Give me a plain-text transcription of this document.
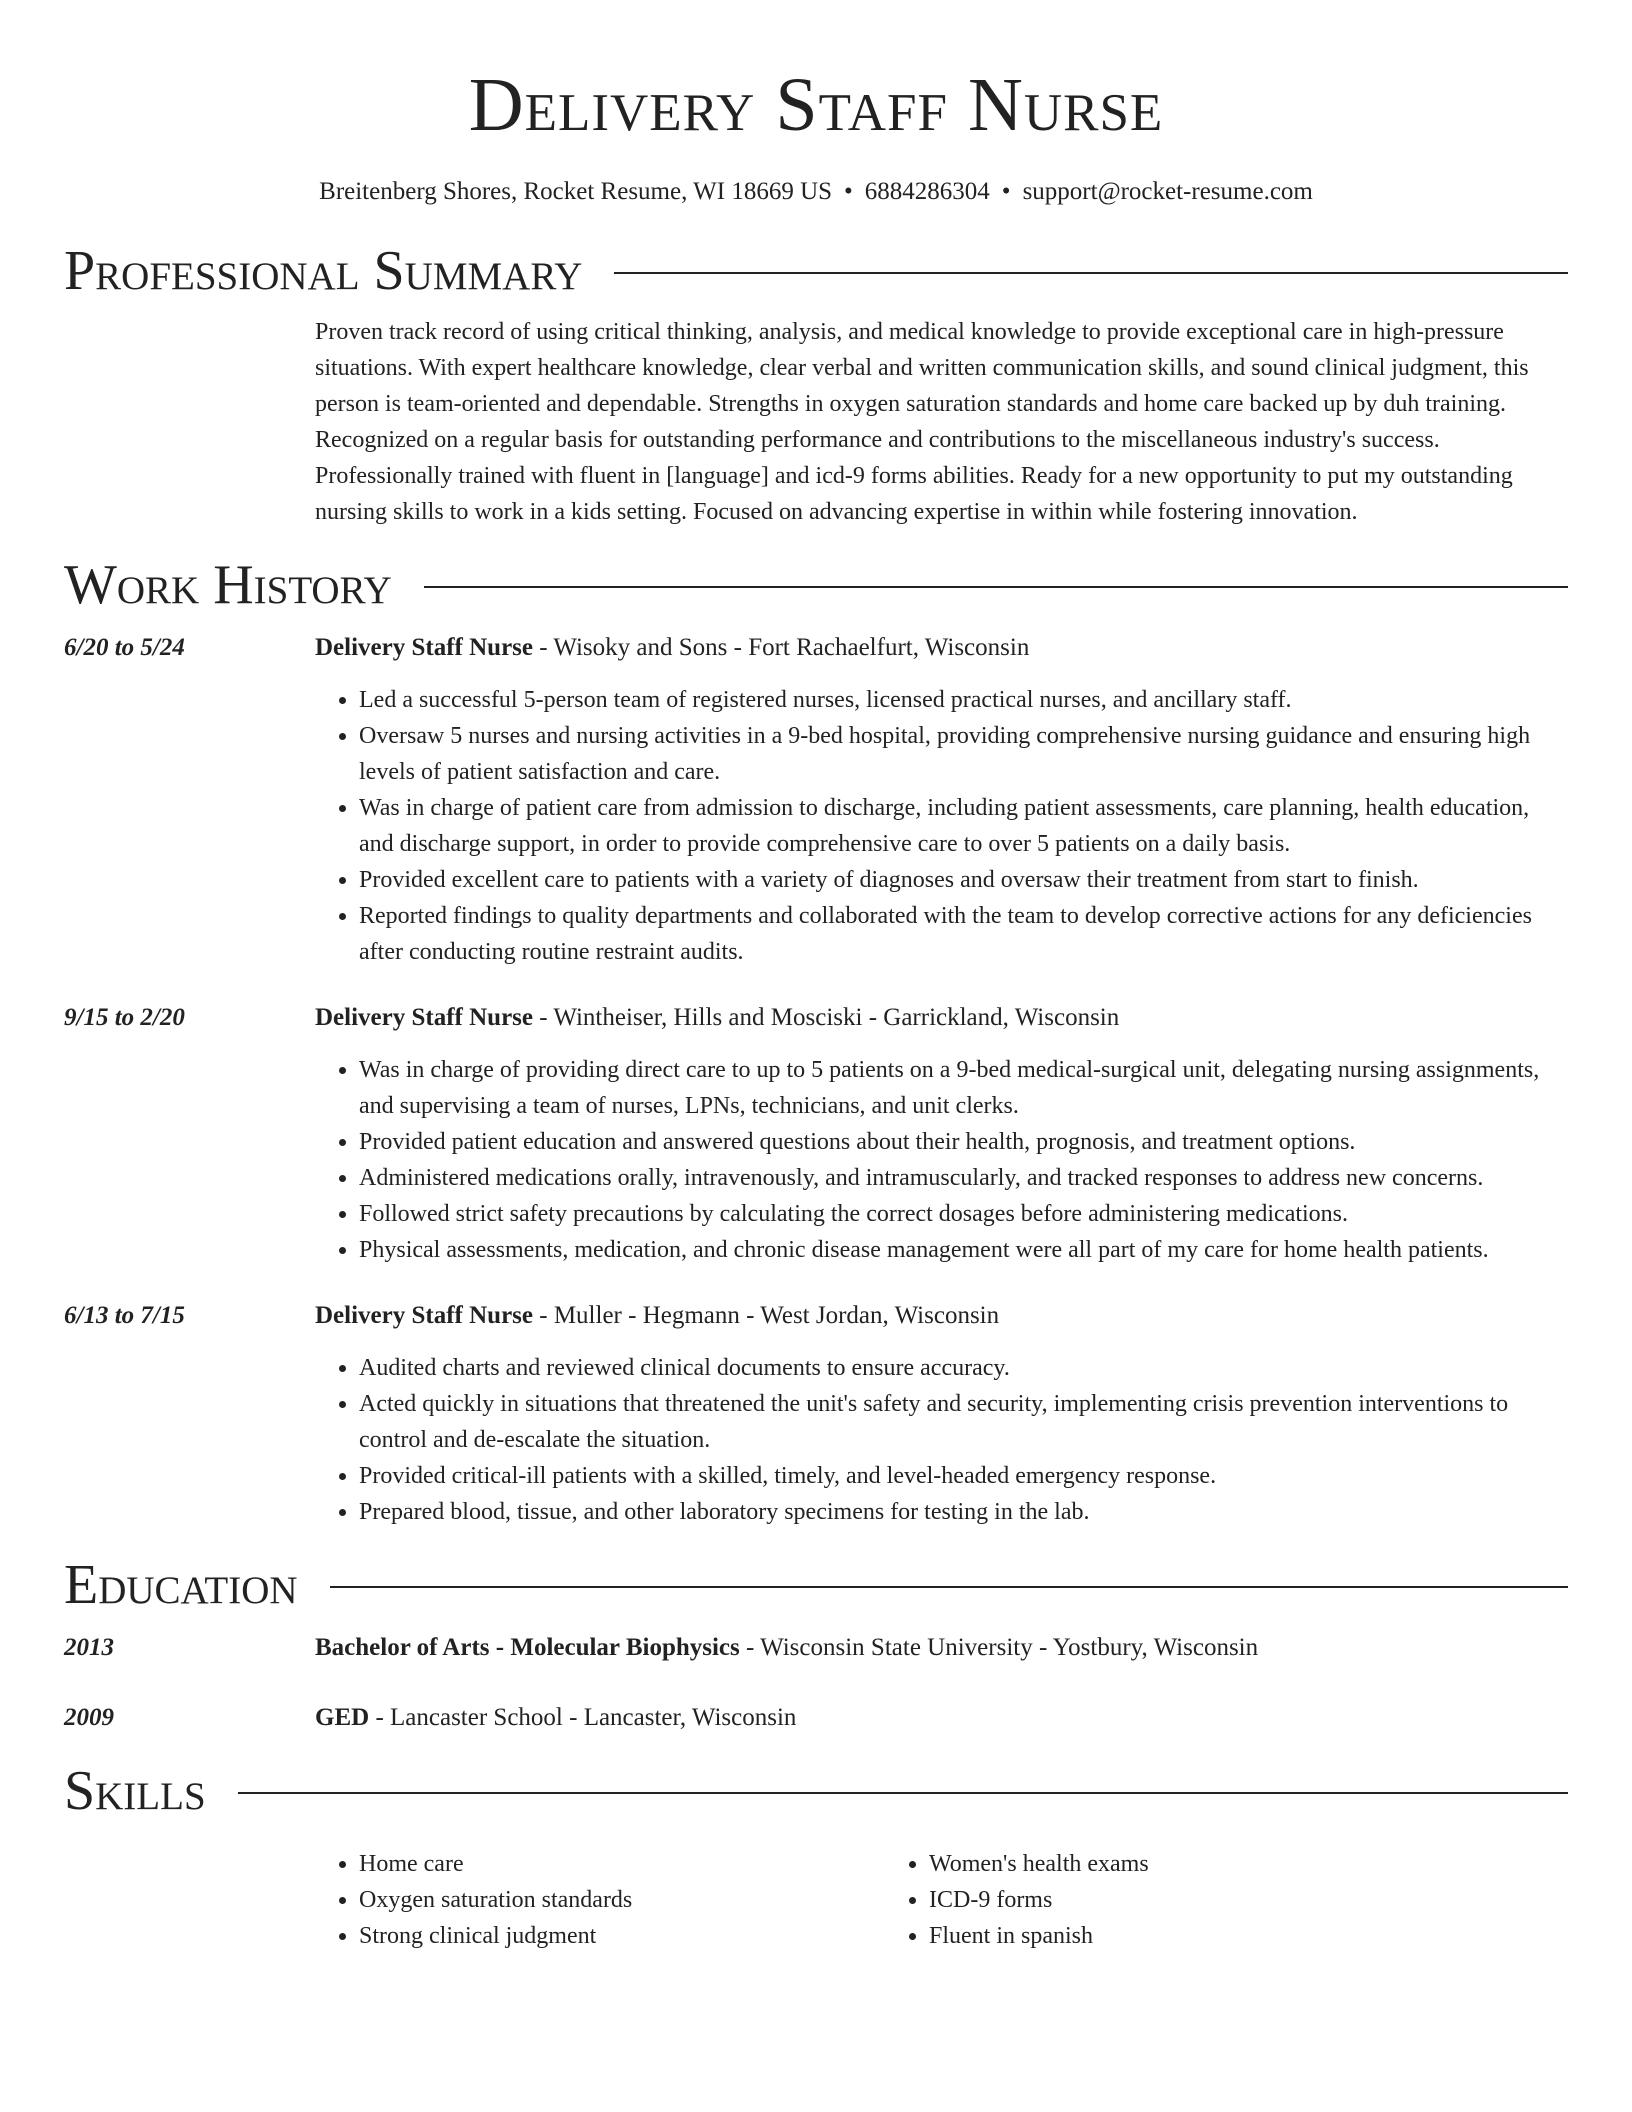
Delivery Staff Nurse
Breitenberg Shores, Rocket Resume, WI 18669 US • 6884286304 • support@rocket-resume.com
Professional Summary
Proven track record of using critical thinking, analysis, and medical knowledge to provide exceptional care in high-pressure situations. With expert healthcare knowledge, clear verbal and written communication skills, and sound clinical judgment, this person is team-oriented and dependable. Strengths in oxygen saturation standards and home care backed up by duh training. Recognized on a regular basis for outstanding performance and contributions to the miscellaneous industry's success. Professionally trained with fluent in [language] and icd-9 forms abilities. Ready for a new opportunity to put my outstanding nursing skills to work in a kids setting. Focused on advancing expertise in within while fostering innovation.
Work History
6/20 to 5/24	Delivery Staff Nurse - Wisoky and Sons - Fort Rachaelfurt, Wisconsin
• Led a successful 5-person team of registered nurses, licensed practical nurses, and ancillary staff.
• Oversaw 5 nurses and nursing activities in a 9-bed hospital, providing comprehensive nursing guidance and ensuring high levels of patient satisfaction and care.
• Was in charge of patient care from admission to discharge, including patient assessments, care planning, health education, and discharge support, in order to provide comprehensive care to over 5 patients on a daily basis.
• Provided excellent care to patients with a variety of diagnoses and oversaw their treatment from start to finish.
• Reported findings to quality departments and collaborated with the team to develop corrective actions for any deficiencies after conducting routine restraint audits.
9/15 to 2/20	Delivery Staff Nurse - Wintheiser, Hills and Mosciski - Garrickland, Wisconsin
• Was in charge of providing direct care to up to 5 patients on a 9-bed medical-surgical unit, delegating nursing assignments, and supervising a team of nurses, LPNs, technicians, and unit clerks.
• Provided patient education and answered questions about their health, prognosis, and treatment options.
• Administered medications orally, intravenously, and intramuscularly, and tracked responses to address new concerns.
• Followed strict safety precautions by calculating the correct dosages before administering medications.
• Physical assessments, medication, and chronic disease management were all part of my care for home health patients.
6/13 to 7/15	Delivery Staff Nurse - Muller - Hegmann - West Jordan, Wisconsin
• Audited charts and reviewed clinical documents to ensure accuracy.
• Acted quickly in situations that threatened the unit's safety and security, implementing crisis prevention interventions to control and de-escalate the situation.
• Provided critical-ill patients with a skilled, timely, and level-headed emergency response.
• Prepared blood, tissue, and other laboratory specimens for testing in the lab.
Education
2013	Bachelor of Arts - Molecular Biophysics - Wisconsin State University - Yostbury, Wisconsin
2009	GED - Lancaster School - Lancaster, Wisconsin
Skills
• Home care
• Oxygen saturation standards
• Strong clinical judgment
• Women's health exams
• ICD-9 forms
• Fluent in spanish
